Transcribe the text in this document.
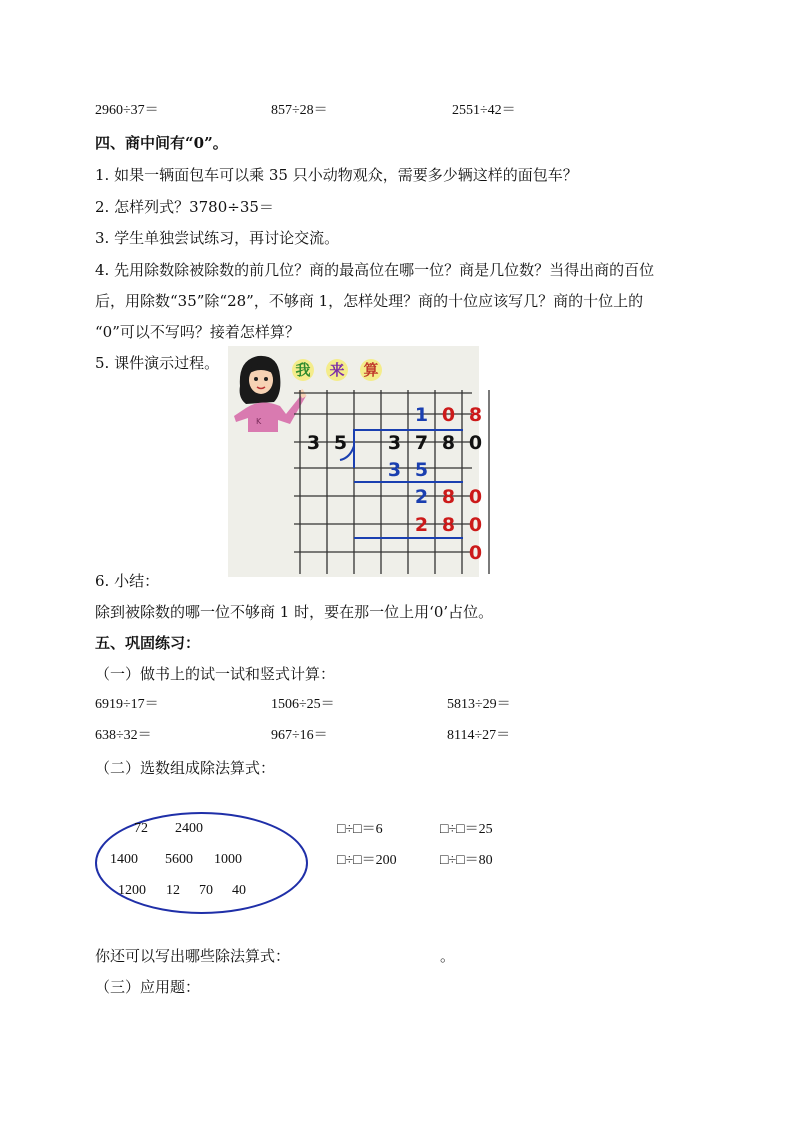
2960÷37＝	857÷28＝	2551÷42＝
四、商中间有“0”。
1. 如果一辆面包车可以乘 35 只小动物观众，需要多少辆这样的面包车？
2. 怎样列式？3780÷35＝
3. 学生单独尝试练习，再讨论交流。
4. 先用除数除被除数的前几位？商的最高位在哪一位？商是几位数？当得出商的百位
后，用除数“35”除“28”，不够商 1，怎样处理？商的十位应该写几？商的十位上的
“0”可以不写吗？接着怎样算？
5. 课件演示过程。
K
我 来 算
1 0 8
3 5 3 7 8 0
3 5
2 8 0
2 8 0
0
6. 小结：
除到被除数的哪一位不够商 1 时，要在那一位上用‘0’占位。
五、巩固练习：
（一）做书上的试一试和竖式计算：
6919÷17＝	1506÷25＝	5813÷29＝
638÷32＝	967÷16＝	8114÷27＝
（二）选数组成除法算式：
72 2400
1400 5600 1000
1200 12 70 40
□÷□＝6	□÷□＝25
□÷□＝200	□÷□＝80
你还可以写出哪些除法算式：	。
（三）应用题：
